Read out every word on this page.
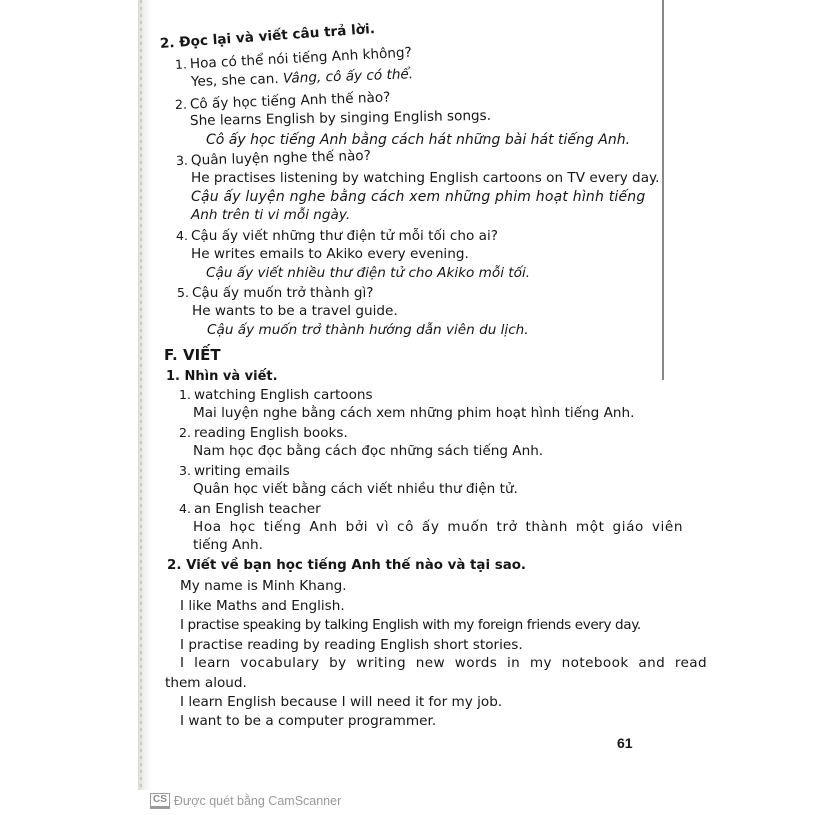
2. Đọc lại và viết câu trả lời.
1. Hoa có thể nói tiếng Anh không?
Yes, she can. Vâng, cô ấy có thể.
2. Cô ấy học tiếng Anh thế nào?
She learns English by singing English songs.
Cô ấy học tiếng Anh bằng cách hát những bài hát tiếng Anh.
3. Quân luyện nghe thế nào?
He practises listening by watching English cartoons on TV every day.
Cậu ấy luyện nghe bằng cách xem những phim hoạt hình tiếng
Anh trên ti vi mỗi ngày.
4. Cậu ấy viết những thư điện tử mỗi tối cho ai?
He writes emails to Akiko every evening.
Cậu ấy viết nhiều thư điện tử cho Akiko mỗi tối.
5. Cậu ấy muốn trở thành gì?
He wants to be a travel guide.
Cậu ấy muốn trở thành hướng dẫn viên du lịch.
F. VIẾT
1. Nhìn và viết.
1. watching English cartoons
Mai luyện nghe bằng cách xem những phim hoạt hình tiếng Anh.
2. reading English books.
Nam học đọc bằng cách đọc những sách tiếng Anh.
3. writing emails
Quân học viết bằng cách viết nhiều thư điện tử.
4. an English teacher
Hoa học tiếng Anh bởi vì cô ấy muốn trở thành một giáo viên
tiếng Anh.
2. Viết về bạn học tiếng Anh thế nào và tại sao.
My name is Minh Khang.
I like Maths and English.
I practise speaking by talking English with my foreign friends every day.
I practise reading by reading English short stories.
I learn vocabulary by writing new words in my notebook and read
them aloud.
I learn English because I will need it for my job.
I want to be a computer programmer.
61
CS Được quét bằng CamScanner
